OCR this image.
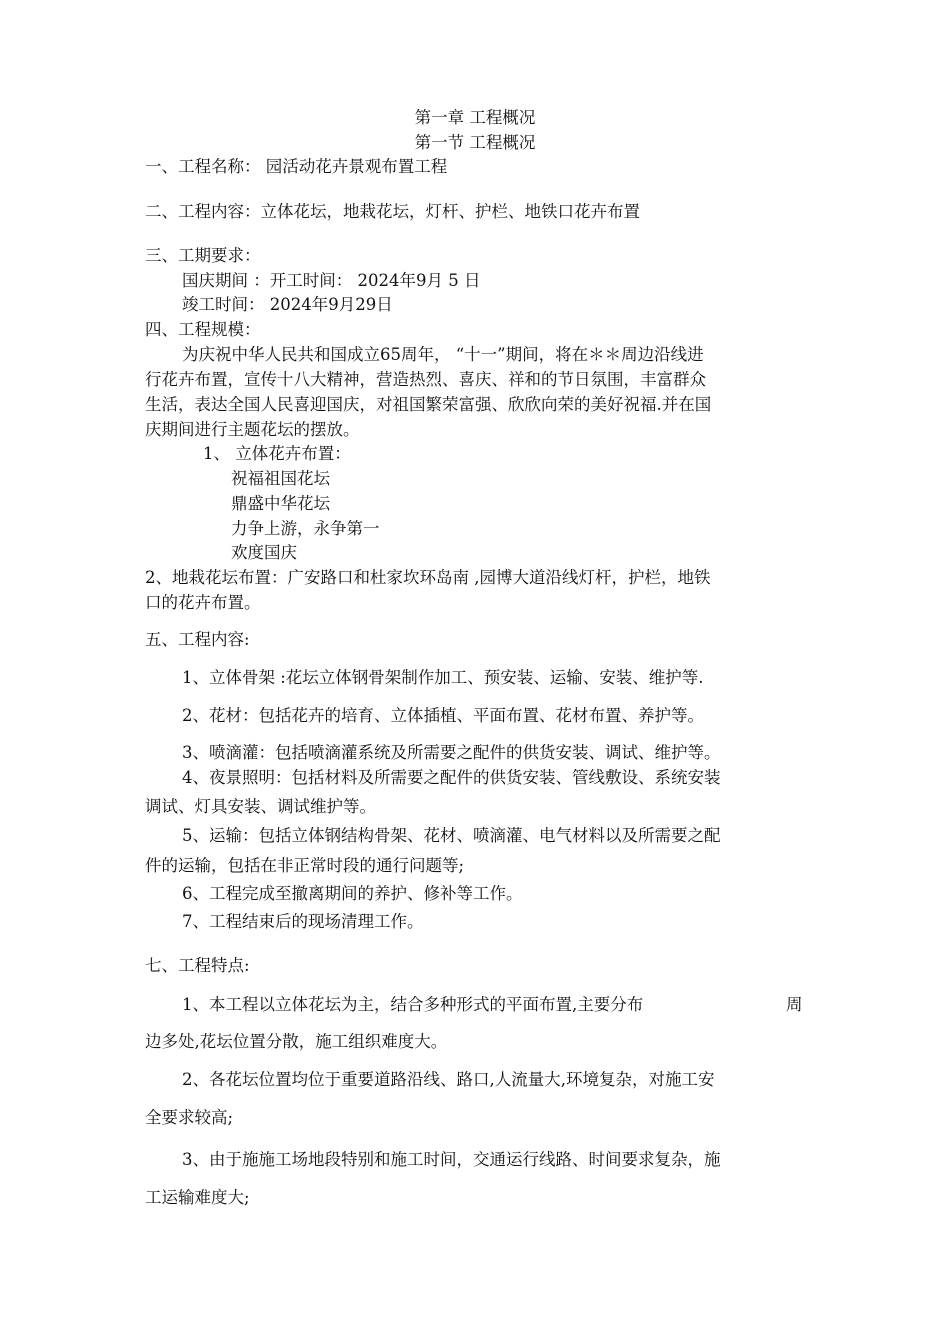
第一章 工程概况
第一节 工程概况
一、工程名称： 园活动花卉景观布置工程
二、工程内容：立体花坛，地栽花坛，灯杆、护栏、地铁口花卉布置
三、工期要求：
国庆期间 ：开工时间： 2024年9月 5 日
竣工时间： 2024年9月29日
四、工程规模：
为庆祝中华人民共和国成立65周年， “十一”期间，将在＊＊周边沿线进
行花卉布置，宣传十八大精神，营造热烈、喜庆、祥和的节日氛围，丰富群众
生活，表达全国人民喜迎国庆，对祖国繁荣富强、欣欣向荣的美好祝福.并在国
庆期间进行主题花坛的摆放。
1、 立体花卉布置：
祝福祖国花坛
鼎盛中华花坛
力争上游，永争第一
欢度国庆
2、地栽花坛布置：广安路口和杜家坎环岛南 ,园博大道沿线灯杆，护栏，地铁
口的花卉布置。
五、工程内容:
1、立体骨架 :花坛立体钢骨架制作加工、预安装、运输、安装、维护等.
2、花材：包括花卉的培育、立体插植、平面布置、花材布置、养护等。
3、喷滴灌：包括喷滴灌系统及所需要之配件的供货安装、调试、维护等。
4、夜景照明：包括材料及所需要之配件的供货安装、管线敷设、系统安装
调试、灯具安装、调试维护等。
5、运输：包括立体钢结构骨架、花材、喷滴灌、电气材料以及所需要之配
件的运输，包括在非正常时段的通行问题等;
6、工程完成至撤离期间的养护、修补等工作。
7、工程结束后的现场清理工作。
七、工程特点:
1、本工程以立体花坛为主，结合多种形式的平面布置,主要分布	周
边多处,花坛位置分散，施工组织难度大。
2、各花坛位置均位于重要道路沿线、路口,人流量大,环境复杂，对施工安
全要求较高;
3、由于施施工场地段特别和施工时间，交通运行线路、时间要求复杂，施
工运输难度大;
